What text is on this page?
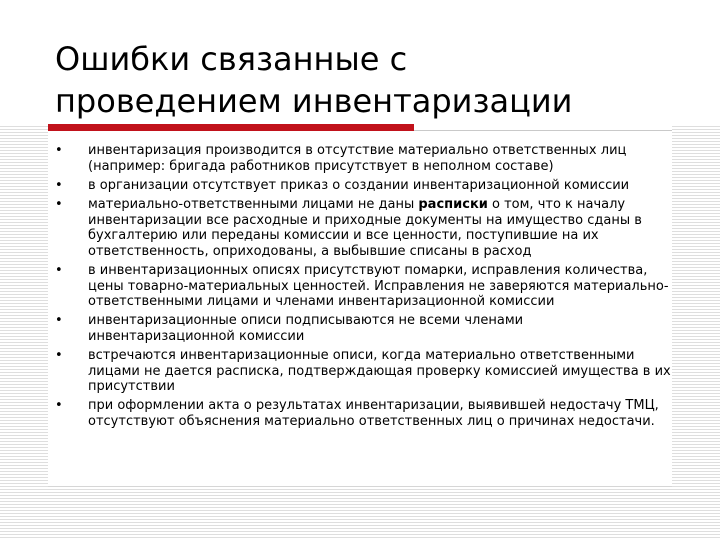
Ошибки связанные с
проведением инвентаризации
• инвентаризация производится в отсутствие материально ответственных лиц (например: бригада работников присутствует в неполном составе)
• в организации отсутствует приказ о создании инвентаризационной комиссии
• материально-ответственными лицами не даны расписки о том, что к началу инвентаризации все расходные и приходные документы на имущество сданы в бухгалтерию или переданы комиссии и все ценности, поступившие на их ответственность, оприходованы, а выбывшие списаны в расход
• в инвентаризационных описях присутствуют помарки, исправления количества, цены товарно-материальных ценностей. Исправления не заверяются материально-ответственными лицами и членами инвентаризационной комиссии
• инвентаризационные описи подписываются не всеми членами инвентаризационной комиссии
• встречаются инвентаризационные описи, когда материально ответственными лицами не дается расписка, подтверждающая проверку комиссией имущества в их присутствии
• при оформлении акта о результатах инвентаризации, выявившей недостачу ТМЦ, отсутствуют объяснения материально ответственных лиц о причинах недостачи.
